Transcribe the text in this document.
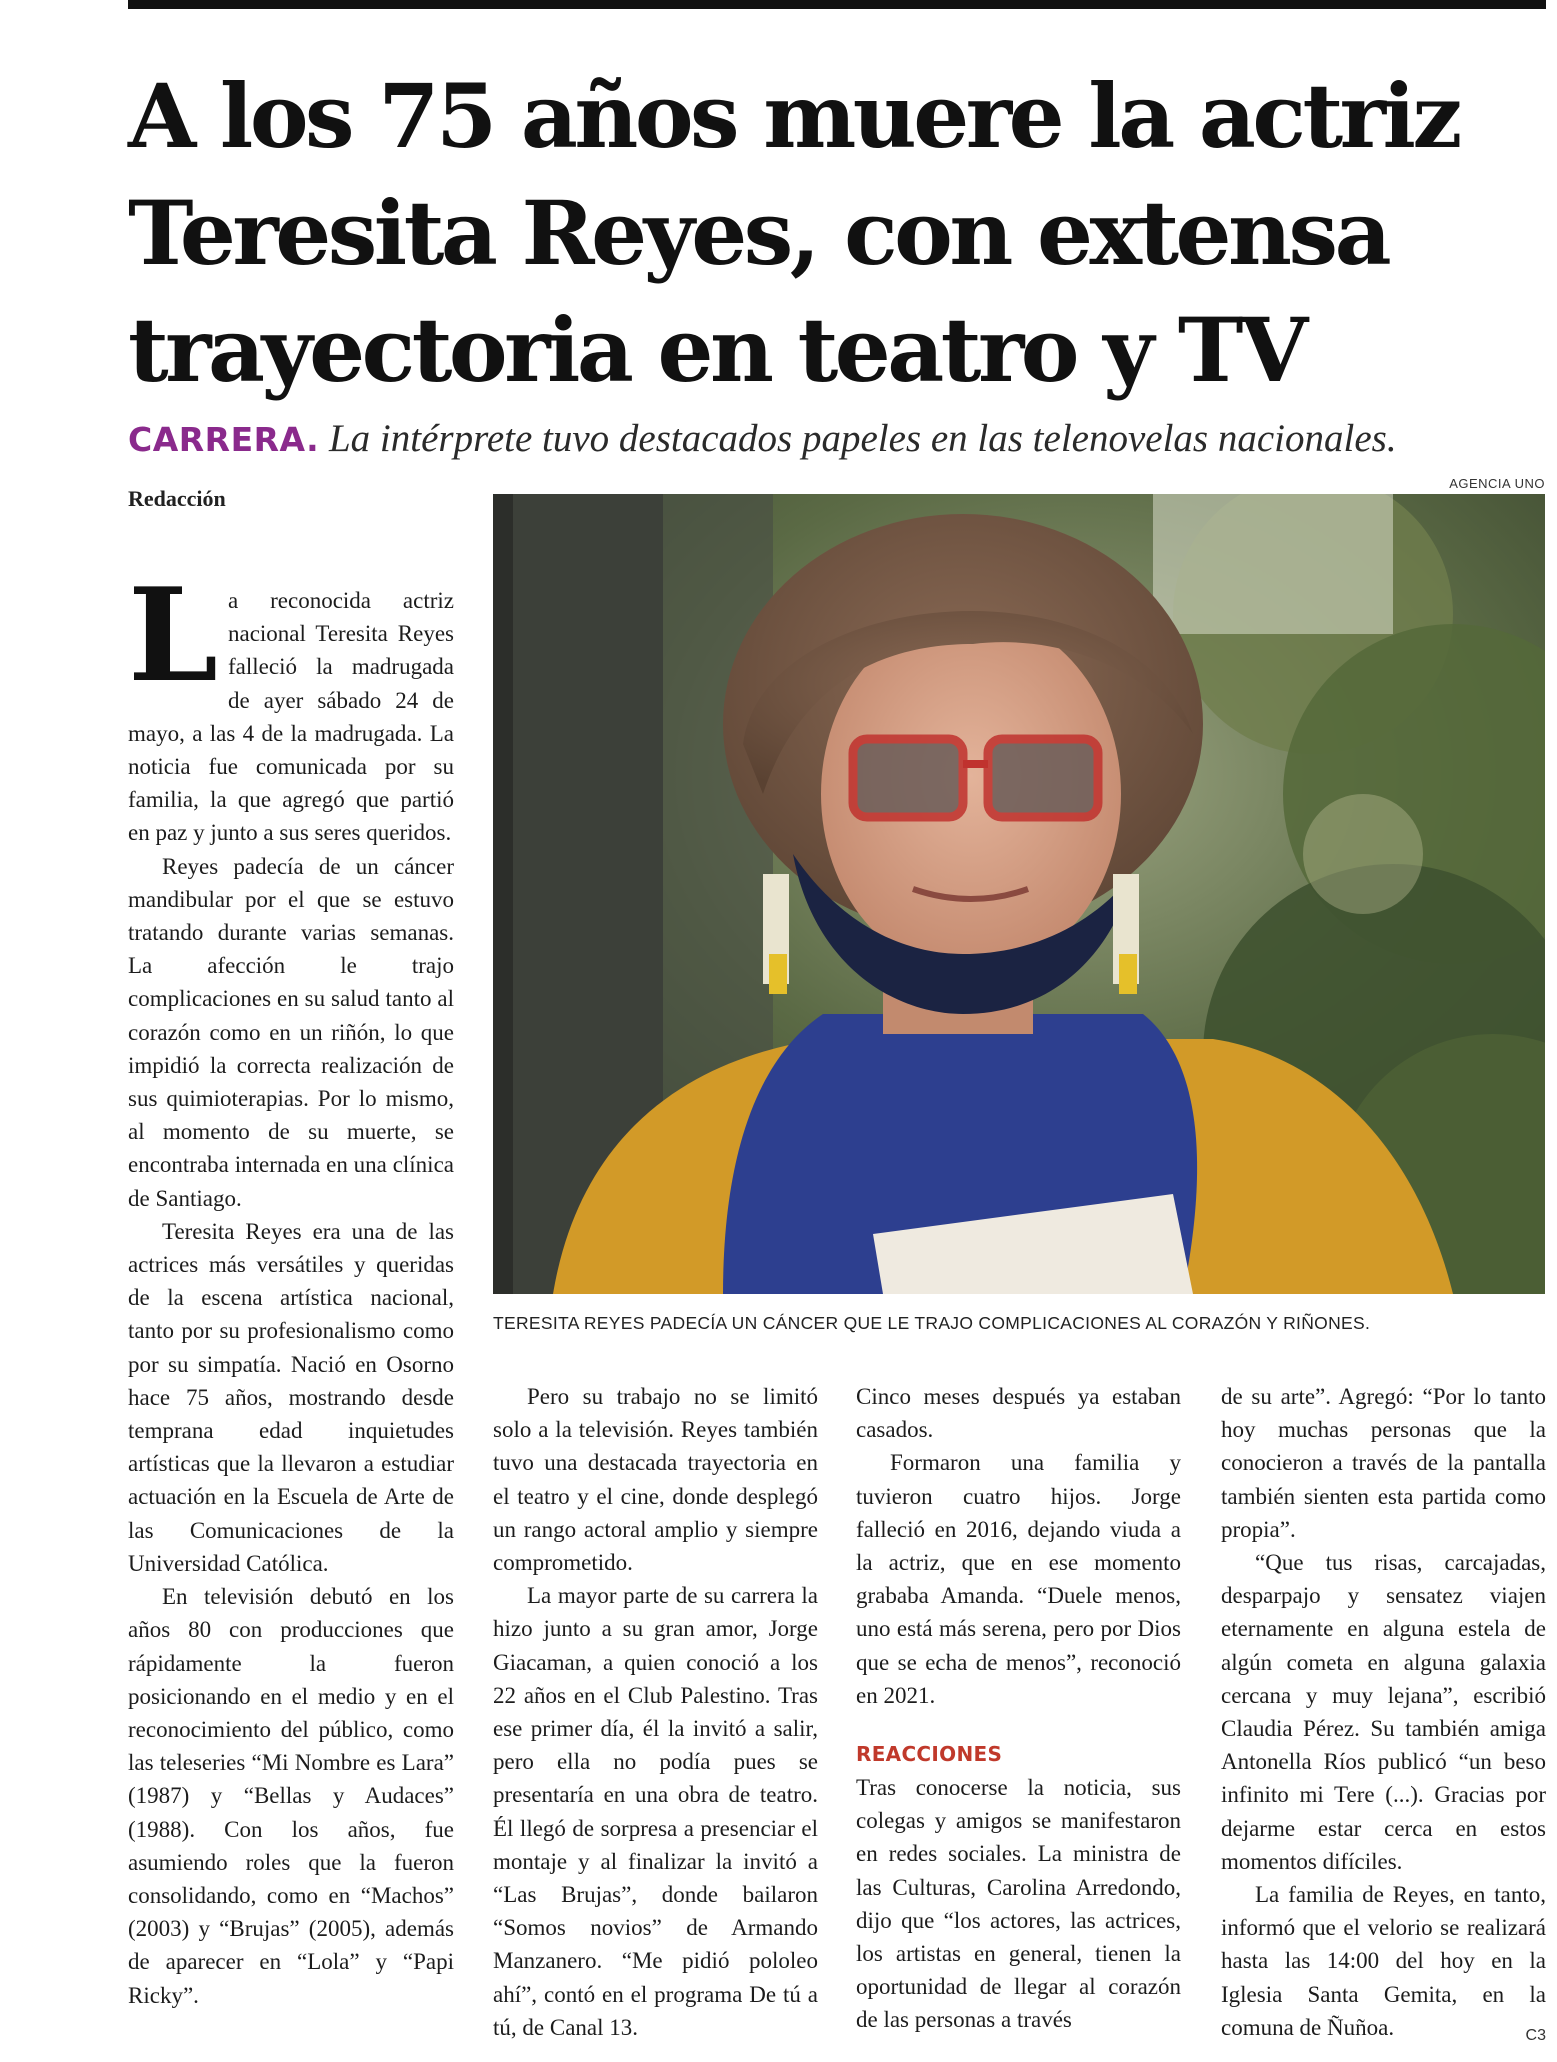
A los 75 años muere la actriz
Teresita Reyes, con extensa
trayectoria en teatro y TV
CARRERA. La intérprete tuvo destacados papeles en las telenovelas nacionales.
Redacción
AGENCIA UNO
TERESITA REYES PADECÍA UN CÁNCER QUE LE TRAJO COMPLICACIONES AL CORAZÓN Y RIÑONES.

La reconocida actriz nacional Teresita Reyes falleció la madrugada de ayer sábado 24 de mayo, a las 4 de la madrugada. La noticia fue comunicada por su familia, la que agregó que partió en paz y junto a sus seres queridos.

Reyes padecía de un cáncer mandibular por el que se estuvo tratando durante varias semanas. La afección le trajo complicaciones en su salud tanto al corazón como en un riñón, lo que impidió la correcta realización de sus quimioterapias. Por lo mismo, al momento de su muerte, se encontraba internada en una clínica de Santiago.

Teresita Reyes era una de las actrices más versátiles y queridas de la escena artística nacional, tanto por su profesionalismo como por su simpatía. Nació en Osorno hace 75 años, mostrando desde temprana edad inquietudes artísticas que la llevaron a estudiar actuación en la Escuela de Arte de las Comunicaciones de la Universidad Católica.

En televisión debutó en los años 80 con producciones que rápidamente la fueron posicionando en el medio y en el reconocimiento del público, como las teleseries “Mi Nombre es Lara” (1987) y “Bellas y Audaces” (1988). Con los años, fue asumiendo roles que la fueron consolidando, como en “Machos” (2003) y “Brujas” (2005), además de aparecer en “Lola” y “Papi Ricky”.

Pero su trabajo no se limitó solo a la televisión. Reyes también tuvo una destacada trayectoria en el teatro y el cine, donde desplegó un rango actoral amplio y siempre comprometido.

La mayor parte de su carrera la hizo junto a su gran amor, Jorge Giacaman, a quien conoció a los 22 años en el Club Palestino. Tras ese primer día, él la invitó a salir, pero ella no podía pues se presentaría en una obra de teatro. Él llegó de sorpresa a presenciar el montaje y al finalizar la invitó a “Las Brujas”, donde bailaron “Somos novios” de Armando Manzanero. “Me pidió pololeo ahí”, contó en el programa De tú a tú, de Canal 13.

Cinco meses después ya estaban casados.

Formaron una familia y tuvieron cuatro hijos. Jorge falleció en 2016, dejando viuda a la actriz, que en ese momento grababa Amanda. “Duele menos, uno está más serena, pero por Dios que se echa de menos”, reconoció en 2021.

REACCIONES

Tras conocerse la noticia, sus colegas y amigos se manifestaron en redes sociales. La ministra de las Culturas, Carolina Arredondo, dijo que “los actores, las actrices, los artistas en general, tienen la oportunidad de llegar al corazón de las personas a través

de su arte”. Agregó: “Por lo tanto hoy muchas personas que la conocieron a través de la pantalla también sienten esta partida como propia”.

“Que tus risas, carcajadas, desparpajo y sensatez viajen eternamente en alguna estela de algún cometa en alguna galaxia cercana y muy lejana”, escribió Claudia Pérez. Su también amiga Antonella Ríos publicó “un beso infinito mi Tere (...). Gracias por dejarme estar cerca en estos momentos difíciles.

La familia de Reyes, en tanto, informó que el velorio se realizará hasta las 14:00 del hoy en la Iglesia Santa Gemita, en la comuna de Ñuñoa.	C3
